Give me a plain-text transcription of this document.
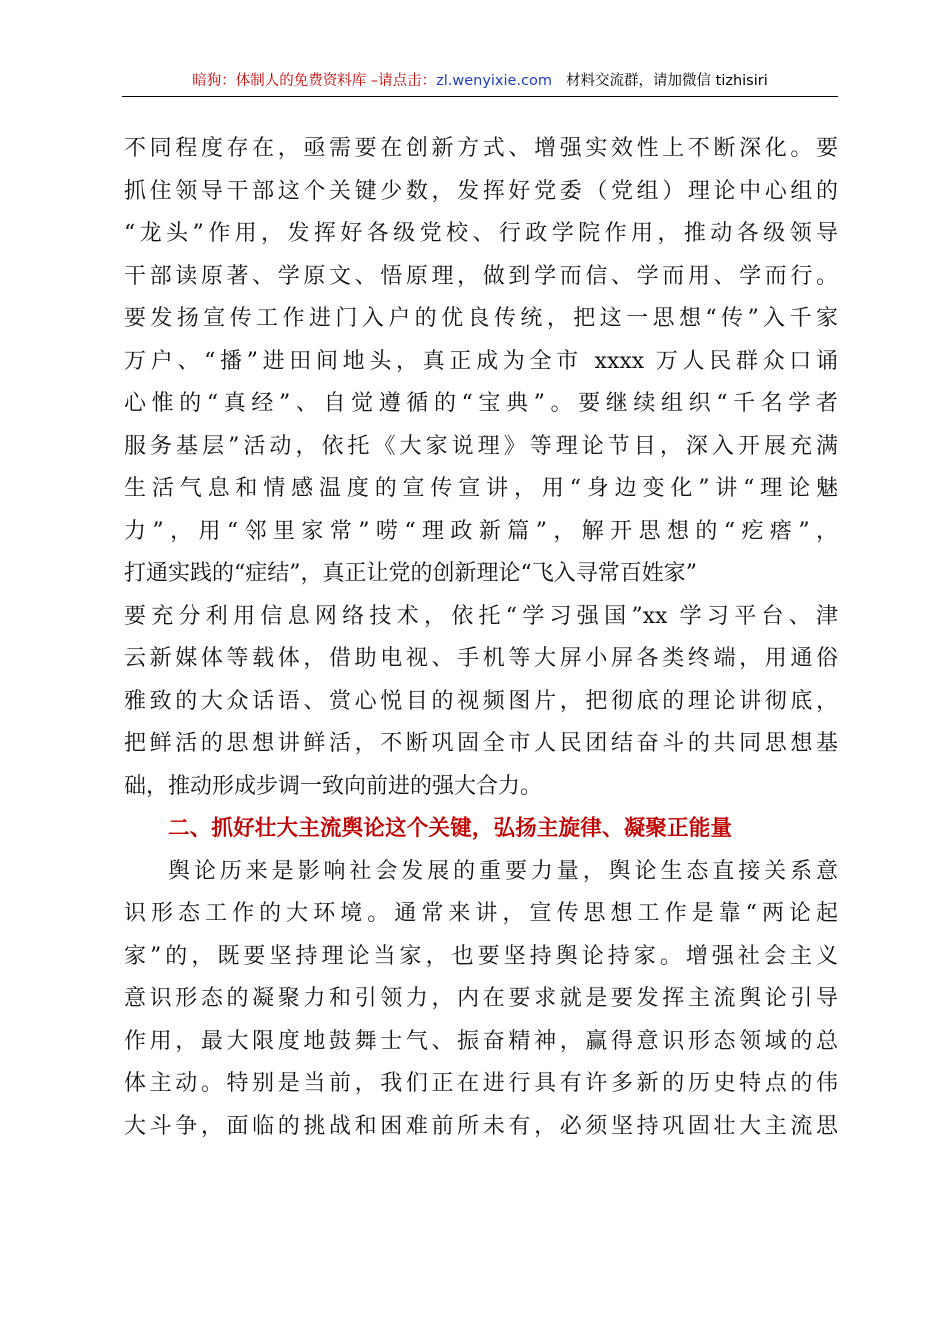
暗狗：体制人的免费资料库 –请点击：zl.wenyixie.com 材料交流群，请加微信 tizhisiri
不同程度存在，亟需要在创新方式、增强实效性上不断深化。要
抓住领导干部这个关键少数，发挥好党委（党组）理论中心组的
“龙头”作用，发挥好各级党校、行政学院作用，推动各级领导
干部读原著、学原文、悟原理，做到学而信、学而用、学而行。
要发扬宣传工作进门入户的优良传统，把这一思想“传”入千家
万户、“播”进田间地头，真正成为全市 xxxx 万人民群众口诵
心惟的“真经”、自觉遵循的“宝典”。要继续组织“千名学者
服务基层”活动，依托《大家说理》等理论节目，深入开展充满
生活气息和情感温度的宣传宣讲，用“身边变化”讲“理论魅
力”，用“邻里家常”唠“理政新篇”，解开思想的“疙瘩”，
打通实践的“症结”，真正让党的创新理论“飞入寻常百姓家”
要充分利用信息网络技术，依托“学习强国”xx 学习平台、津
云新媒体等载体，借助电视、手机等大屏小屏各类终端，用通俗
雅致的大众话语、赏心悦目的视频图片，把彻底的理论讲彻底，
把鲜活的思想讲鲜活，不断巩固全市人民团结奋斗的共同思想基
础，推动形成步调一致向前进的强大合力。
二、抓好壮大主流舆论这个关键，弘扬主旋律、凝聚正能量
舆论历来是影响社会发展的重要力量，舆论生态直接关系意
识形态工作的大环境。通常来讲，宣传思想工作是靠“两论起
家”的，既要坚持理论当家，也要坚持舆论持家。增强社会主义
意识形态的凝聚力和引领力，内在要求就是要发挥主流舆论引导
作用，最大限度地鼓舞士气、振奋精神，赢得意识形态领域的总
体主动。特别是当前，我们正在进行具有许多新的历史特点的伟
大斗争，面临的挑战和困难前所未有，必须坚持巩固壮大主流思
